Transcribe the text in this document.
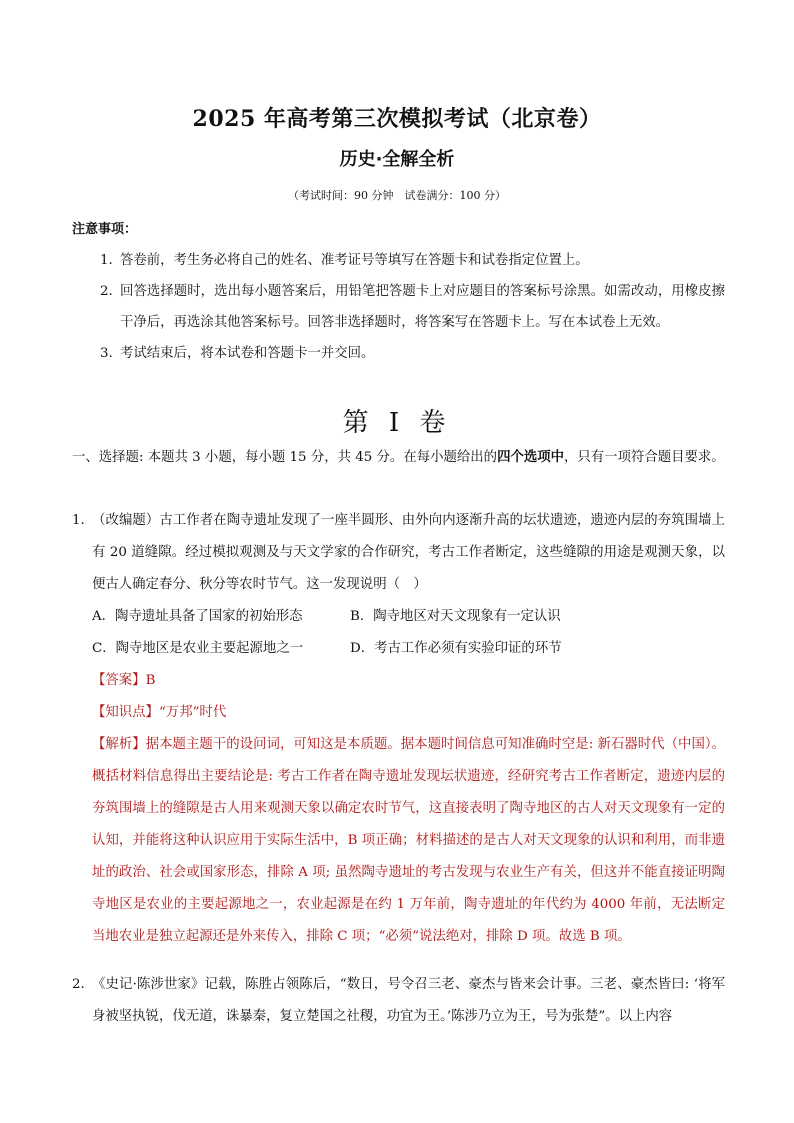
2025 年高考第三次模拟考试（北京卷）
历史·全解全析
（考试时间：90 分钟　试卷满分：100 分）
注意事项：
1. 答卷前，考生务必将自己的姓名、准考证号等填写在答题卡和试卷指定位置上。
2. 回答选择题时，选出每小题答案后，用铅笔把答题卡上对应题目的答案标号涂黑。如需改动，用橡皮擦干净后，再选涂其他答案标号。回答非选择题时，将答案写在答题卡上。写在本试卷上无效。
3. 考试结束后，将本试卷和答题卡一并交回。
第 I 卷
一、选择题: 本题共 3 小题，每小题 15 分，共 45 分。在每小题给出的四个选项中，只有一项符合题目要求。
1. （改编题）古工作者在陶寺遗址发现了一座半圆形、由外向内逐渐升高的坛状遗迹，遗迹内层的夯筑围墙上有 20 道缝隙。经过模拟观测及与天文学家的合作研究，考古工作者断定，这些缝隙的用途是观测天象，以便古人确定春分、秋分等农时节气。这一发现说明（　）
A．陶寺遗址具备了国家的初始形态	B．陶寺地区对天文现象有一定认识
C．陶寺地区是农业主要起源地之一	D．考古工作必须有实验印证的环节
【答案】B
【知识点】“万邦”时代
【解析】据本题主题干的设问词，可知这是本质题。据本题时间信息可知准确时空是: 新石器时代（中国）。概括材料信息得出主要结论是: 考古工作者在陶寺遗址发现坛状遗迹，经研究考古工作者断定，遗迹内层的夯筑围墙上的缝隙是古人用来观测天象以确定农时节气，这直接表明了陶寺地区的古人对天文现象有一定的认知，并能将这种认识应用于实际生活中，B 项正确；材料描述的是古人对天文现象的认识和利用，而非遗址的政治、社会或国家形态，排除 A 项; 虽然陶寺遗址的考古发现与农业生产有关，但这并不能直接证明陶寺地区是农业的主要起源地之一，农业起源是在约 1 万年前，陶寺遗址的年代约为 4000 年前，无法断定当地农业是独立起源还是外来传入，排除 C 项；“必须”说法绝对，排除 D 项。故选 B 项。
2. 《史记·陈涉世家》记载，陈胜占领陈后，“数日，号令召三老、豪杰与皆来会计事。三老、豪杰皆曰: ‘将军身被坚执锐，伐无道，诛暴秦，复立楚国之社稷，功宜为王。’陈涉乃立为王，号为张楚”。以上内容
